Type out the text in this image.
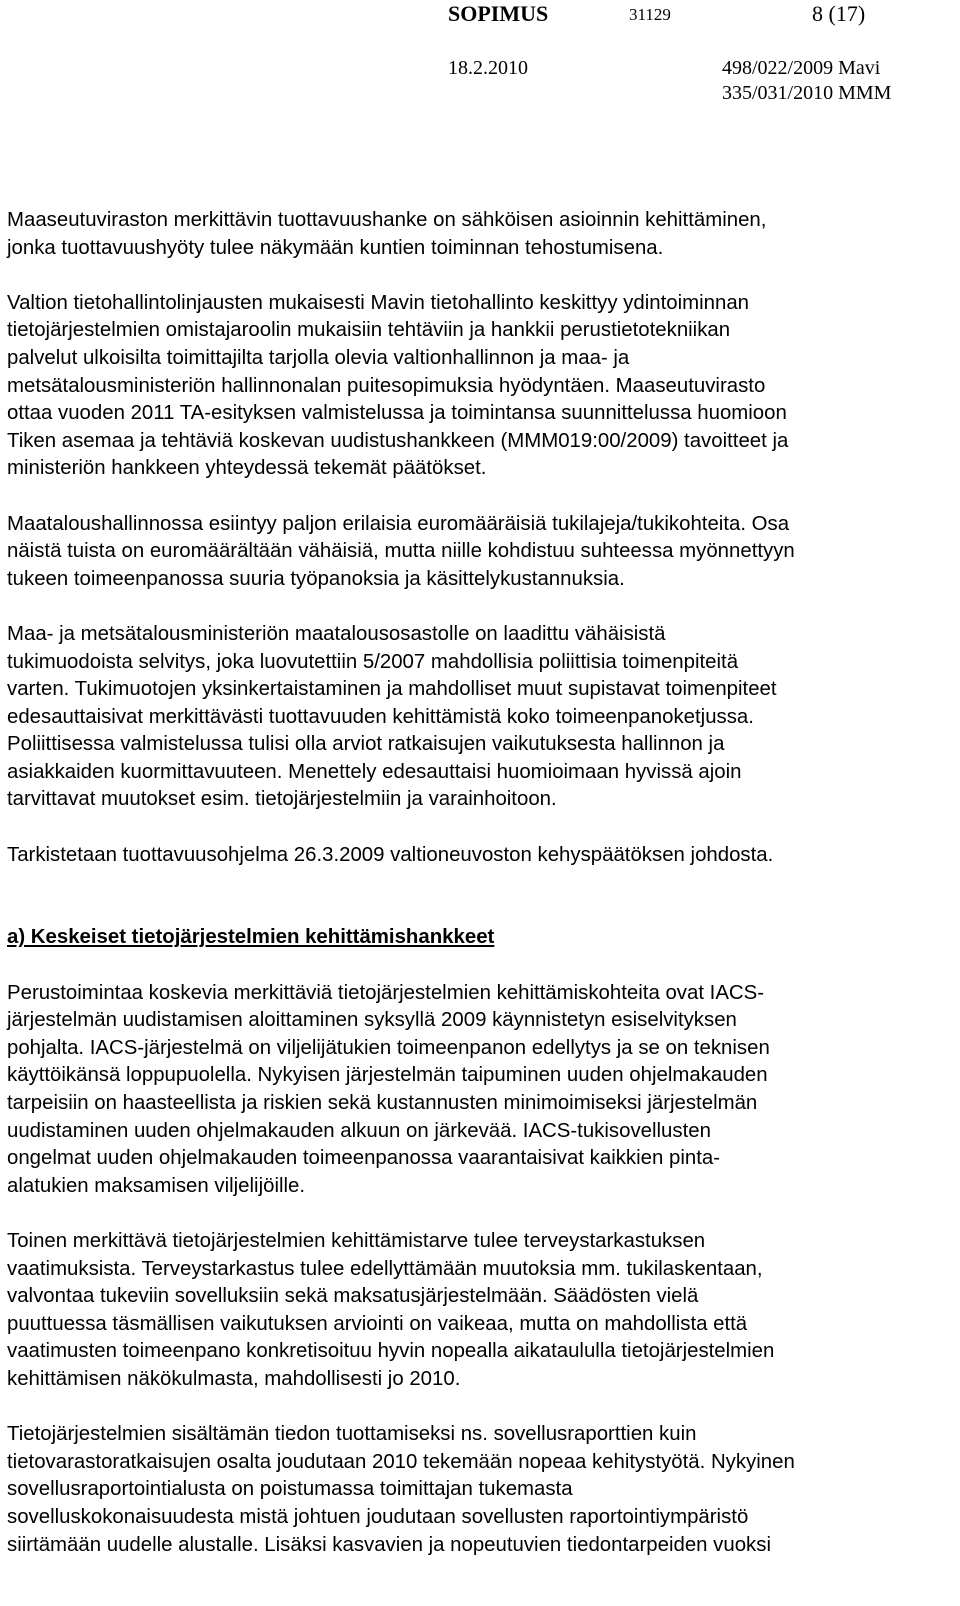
SOPIMUS	31129	8 (17)
18.2.2010	498/022/2009 Mavi
335/031/2010 MMM
Maaseutuviraston merkittävin tuottavuushanke on sähköisen asioinnin kehittäminen,
jonka tuottavuushyöty tulee näkymään kuntien toiminnan tehostumisena.
Valtion tietohallintolinjausten mukaisesti Mavin tietohallinto keskittyy ydintoiminnan
tietojärjestelmien omistajaroolin mukaisiin tehtäviin ja hankkii perustietotekniikan
palvelut ulkoisilta toimittajilta tarjolla olevia valtionhallinnon ja maa- ja
metsätalousministeriön hallinnonalan puitesopimuksia hyödyntäen. Maaseutuvirasto
ottaa vuoden 2011 TA-esityksen valmistelussa ja toimintansa suunnittelussa huomioon
Tiken asemaa ja tehtäviä koskevan uudistushankkeen (MMM019:00/2009) tavoitteet ja
ministeriön hankkeen yhteydessä tekemät päätökset.
Maataloushallinnossa esiintyy paljon erilaisia euromääräisiä tukilajeja/tukikohteita. Osa
näistä tuista on euromäärältään vähäisiä, mutta niille kohdistuu suhteessa myönnettyyn
tukeen toimeenpanossa suuria työpanoksia ja käsittelykustannuksia.
Maa- ja metsätalousministeriön maatalousosastolle on laadittu vähäisistä
tukimuodoista selvitys, joka luovutettiin 5/2007 mahdollisia poliittisia toimenpiteitä
varten. Tukimuotojen yksinkertaistaminen ja mahdolliset muut supistavat toimenpiteet
edesauttaisivat merkittävästi tuottavuuden kehittämistä koko toimeenpanoketjussa.
Poliittisessa valmistelussa tulisi olla arviot ratkaisujen vaikutuksesta hallinnon ja
asiakkaiden kuormittavuuteen. Menettely edesauttaisi huomioimaan hyvissä ajoin
tarvittavat muutokset esim. tietojärjestelmiin ja varainhoitoon.
Tarkistetaan tuottavuusohjelma 26.3.2009 valtioneuvoston kehyspäätöksen johdosta.
a) Keskeiset tietojärjestelmien kehittämishankkeet
Perustoimintaa koskevia merkittäviä tietojärjestelmien kehittämiskohteita ovat IACS-
järjestelmän uudistamisen aloittaminen syksyllä 2009 käynnistetyn esiselvityksen
pohjalta. IACS-järjestelmä on viljelijätukien toimeenpanon edellytys ja se on teknisen
käyttöikänsä loppupuolella. Nykyisen järjestelmän taipuminen uuden ohjelmakauden
tarpeisiin on haasteellista ja riskien sekä kustannusten minimoimiseksi järjestelmän
uudistaminen uuden ohjelmakauden alkuun on järkevää. IACS-tukisovellusten
ongelmat uuden ohjelmakauden toimeenpanossa vaarantaisivat kaikkien pinta-
alatukien maksamisen viljelijöille.
Toinen merkittävä tietojärjestelmien kehittämistarve tulee terveystarkastuksen
vaatimuksista. Terveystarkastus tulee edellyttämään muutoksia mm. tukilaskentaan,
valvontaa tukeviin sovelluksiin sekä maksatusjärjestelmään. Säädösten vielä
puuttuessa täsmällisen vaikutuksen arviointi on vaikeaa, mutta on mahdollista että
vaatimusten toimeenpano konkretisoituu hyvin nopealla aikataululla tietojärjestelmien
kehittämisen näkökulmasta, mahdollisesti jo 2010.
Tietojärjestelmien sisältämän tiedon tuottamiseksi ns. sovellusraporttien kuin
tietovarastoratkaisujen osalta joudutaan 2010 tekemään nopeaa kehitystyötä. Nykyinen
sovellusraportointialusta on poistumassa toimittajan tukemasta
sovelluskokonaisuudesta mistä johtuen joudutaan sovellusten raportointiympäristö
siirtämään uudelle alustalle. Lisäksi kasvavien ja nopeutuvien tiedontarpeiden vuoksi
